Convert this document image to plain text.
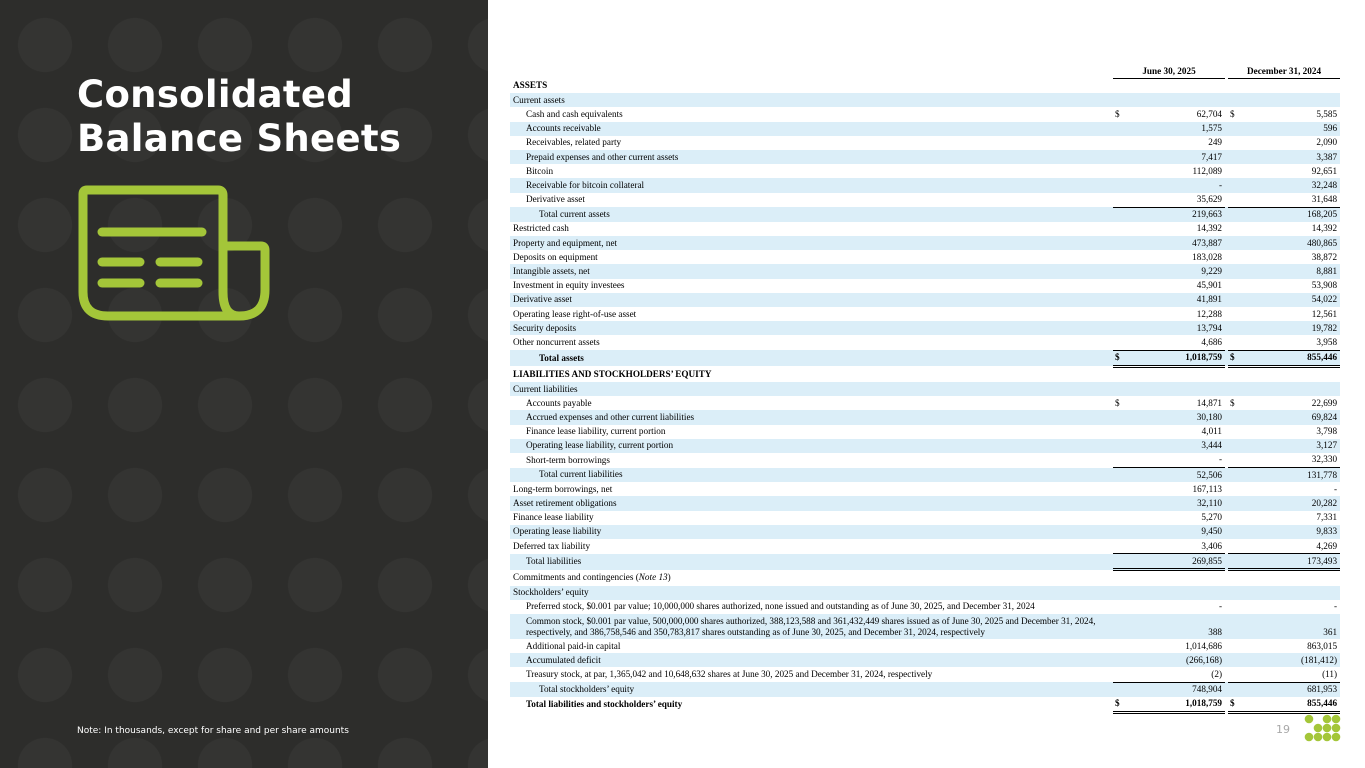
Consolidated
Balance Sheets
Note: In thousands, except for share and per share amounts
	June 30, 2025			December 31, 2024	
ASSETS					
Current assets					
Cash and cash equivalents	$	62,704		$	5,585
Accounts receivable		1,575			596
Receivables, related party		249			2,090
Prepaid expenses and other current assets		7,417			3,387
Bitcoin		112,089			92,651
Receivable for bitcoin collateral		-			32,248
Derivative asset		35,629			31,648
Total current assets		219,663			168,205
Restricted cash		14,392			14,392
Property and equipment, net		473,887			480,865
Deposits on equipment		183,028			38,872
Intangible assets, net		9,229			8,881
Investment in equity investees		45,901			53,908
Derivative asset		41,891			54,022
Operating lease right-of-use asset		12,288			12,561
Security deposits		13,794			19,782
Other noncurrent assets		4,686			3,958
Total assets	$	1,018,759		$	855,446
LIABILITIES AND STOCKHOLDERS’ EQUITY					
Current liabilities					
Accounts payable	$	14,871		$	22,699
Accrued expenses and other current liabilities		30,180			69,824
Finance lease liability, current portion		4,011			3,798
Operating lease liability, current portion		3,444			3,127
Short-term borrowings		-			32,330
Total current liabilities		52,506			131,778
Long-term borrowings, net		167,113			-
Asset retirement obligations		32,110			20,282
Finance lease liability		5,270			7,331
Operating lease liability		9,450			9,833
Deferred tax liability		3,406			4,269
Total liabilities		269,855			173,493
Commitments and contingencies (Note 13)					
Stockholders’ equity					
Preferred stock, $0.001 par value; 10,000,000 shares authorized, none issued and outstanding as of June 30, 2025, and December 31, 2024		-			-
Common stock, $0.001 par value, 500,000,000 shares authorized, 388,123,588 and 361,432,449 shares issued as of June 30, 2025 and December 31, 2024, respectively, and 386,758,546 and 350,783,817 shares outstanding as of June 30, 2025, and December 31, 2024, respectively		388			361
Additional paid-in capital		1,014,686			863,015
Accumulated deficit		(266,168)			(181,412)
Treasury stock, at par, 1,365,042 and 10,648,632 shares at June 30, 2025 and December 31, 2024, respectively		(2)			(11)
Total stockholders’ equity		748,904			681,953
Total liabilities and stockholders’ equity	$	1,018,759		$	855,446
19
